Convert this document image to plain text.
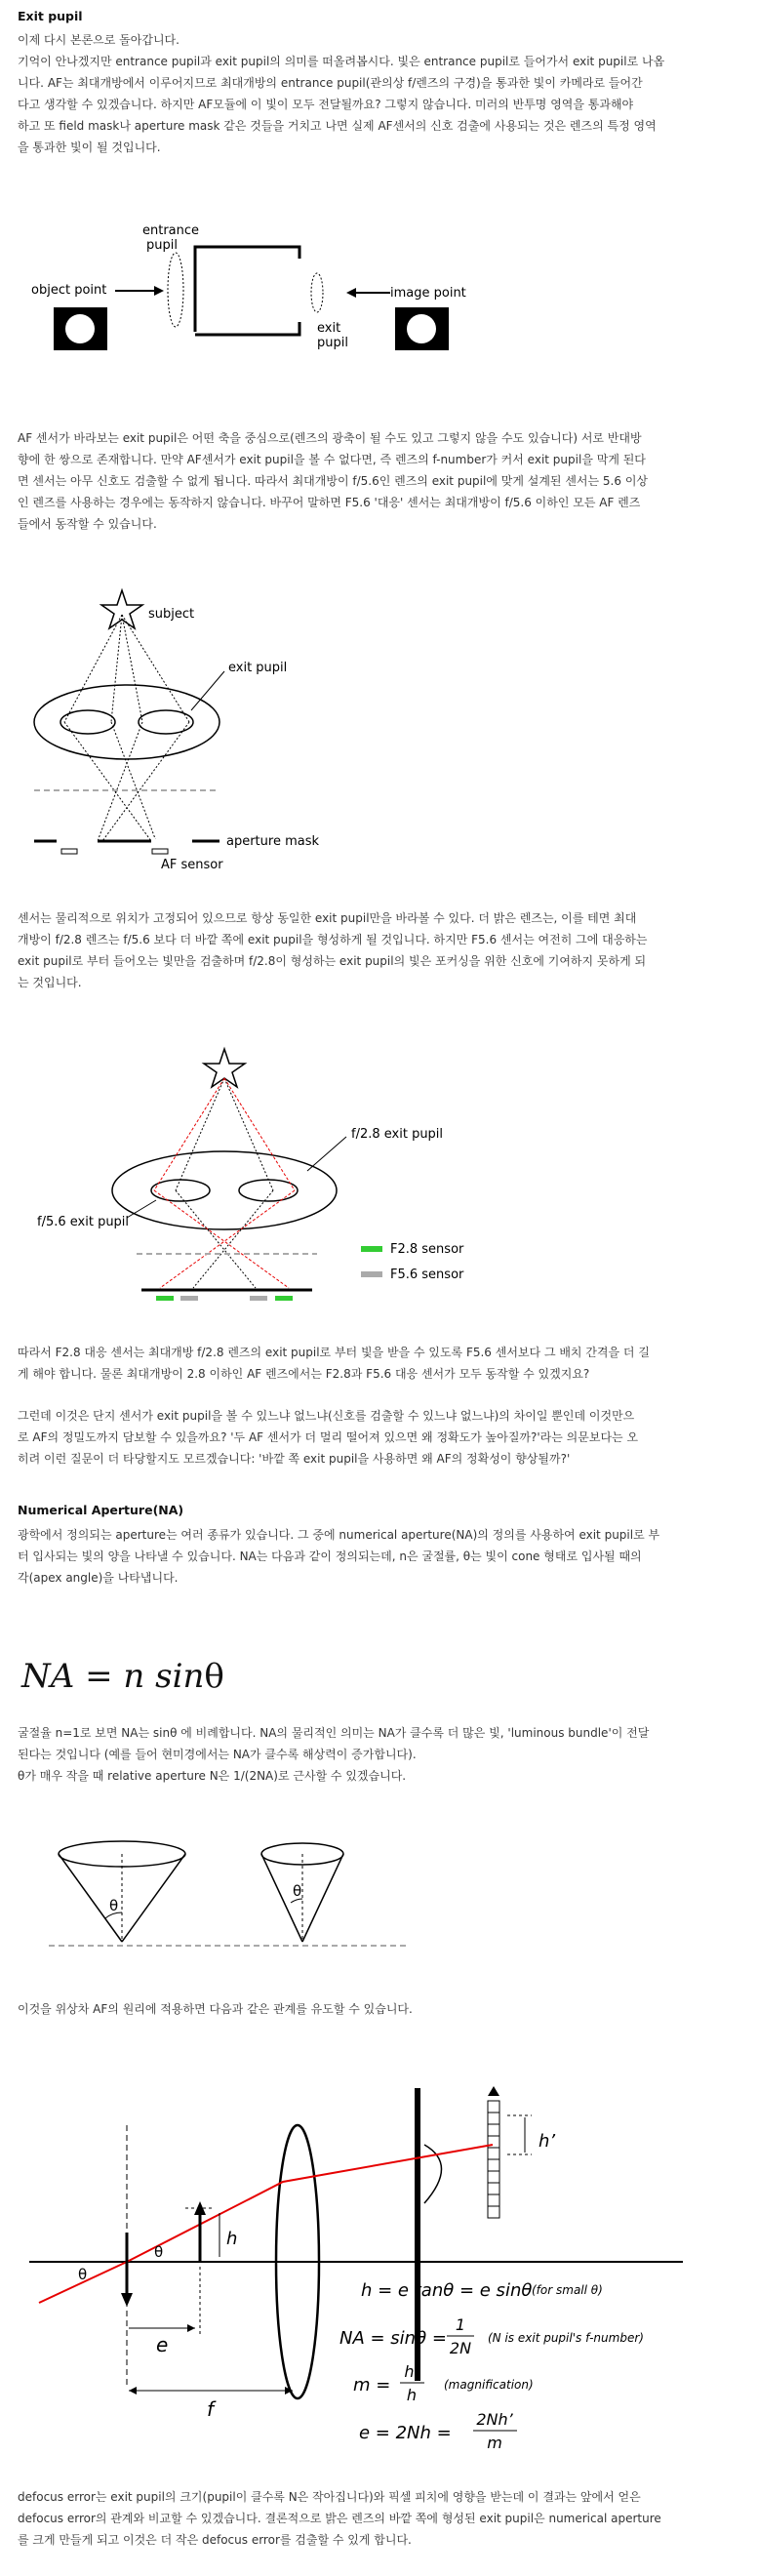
Exit pupil
이제 다시 본론으로 돌아갑니다.
기억이 안나겠지만 entrance pupil과 exit pupil의 의미를 떠올려봅시다. 빛은 entrance pupil로 들어가서 exit pupil로 나옵
니다. AF는 최대개방에서 이루어지므로 최대개방의 entrance pupil(관의상 f/렌즈의 구경)을 통과한 빛이 카메라로 들어간
다고 생각할 수 있겠습니다. 하지만 AF모듈에 이 빛이 모두 전달될까요? 그렇지 않습니다. 미러의 반투명 영역을 통과해야
하고 또 field mask나 aperture mask 같은 것들을 거치고 나면 실제 AF센서의 신호 검출에 사용되는 것은 렌즈의 특정 영역
을 통과한 빛이 될 것입니다.
object point
entrance
pupil
exit
pupil
image point
AF 센서가 바라보는 exit pupil은 어떤 축을 중심으로(렌즈의 광축이 될 수도 있고 그렇지 않을 수도 있습니다) 서로 반대방
향에 한 쌍으로 존재합니다. 만약 AF센서가 exit pupil을 볼 수 없다면, 즉 렌즈의 f-number가 커서 exit pupil을 막게 된다
면 센서는 아무 신호도 검출할 수 없게 됩니다. 따라서 최대개방이 f/5.6인 렌즈의 exit pupil에 맞게 설계된 센서는 5.6 이상
인 렌즈를 사용하는 경우에는 동작하지 않습니다. 바꾸어 말하면 F5.6 '대응' 센서는 최대개방이 f/5.6 이하인 모든 AF 렌즈
들에서 동작할 수 있습니다.
subject
exit pupil
aperture mask
AF sensor
센서는 물리적으로 위치가 고정되어 있으므로 항상 동일한 exit pupil만을 바라볼 수 있다. 더 밝은 렌즈는, 이를 테면 최대
개방이 f/2.8 렌즈는 f/5.6 보다 더 바깥 쪽에 exit pupil을 형성하게 될 것입니다. 하지만 F5.6 센서는 여전히 그에 대응하는
exit pupil로 부터 들어오는 빛만을 검출하며 f/2.8이 형성하는 exit pupil의 빛은 포커싱을 위한 신호에 기여하지 못하게 되
는 것입니다.
f/2.8 exit pupil
f/5.6 exit pupil
F2.8 sensor
F5.6 sensor
따라서 F2.8 대응 센서는 최대개방 f/2.8 렌즈의 exit pupil로 부터 빛을 받을 수 있도록 F5.6 센서보다 그 배치 간격을 더 길
게 해야 합니다. 물론 최대개방이 2.8 이하인 AF 렌즈에서는 F2.8과 F5.6 대응 센서가 모두 동작할 수 있겠지요?
그런데 이것은 단지 센서가 exit pupil을 볼 수 있느냐 없느냐(신호를 검출할 수 있느냐 없느냐)의 차이일 뿐인데 이것만으
로 AF의 정밀도까지 담보할 수 있을까요? '두 AF 센서가 더 멀리 떨어져 있으면 왜 정확도가 높아질까?'라는 의문보다는 오
히려 이런 질문이 더 타당할지도 모르겠습니다: '바깥 쪽 exit pupil을 사용하면 왜 AF의 정확성이 향상될까?'
Numerical Aperture(NA)
광학에서 정의되는 aperture는 여러 종류가 있습니다. 그 중에 numerical aperture(NA)의 정의를 사용하여 exit pupil로 부
터 입사되는 빛의 양을 나타낼 수 있습니다. NA는 다음과 같이 정의되는데, n은 굴절률, θ는 빛이 cone 형태로 입사될 때의
각(apex angle)을 나타냅니다.
NA = n sinθ
굴절율 n=1로 보면 NA는 sinθ 에 비례합니다. NA의 물리적인 의미는 NA가 클수록 더 많은 빛, 'luminous bundle'이 전달
된다는 것입니다 (예를 들어 현미경에서는 NA가 클수록 해상력이 증가합니다).
θ가 매우 작을 때 relative aperture N은 1/(2NA)로 근사할 수 있겠습니다.
θ
θ
이것을 위상차 AF의 원리에 적용하면 다음과 같은 관계를 유도할 수 있습니다.
h’
h
θ
θ
e
f
h = e tanθ = e sinθ (for small θ)
NA = sinθ =
1
2N
(N is exit pupil's f-number)
m =
h’
h
(magnification)
e = 2Nh =
2Nh’
m
defocus error는 exit pupil의 크기(pupil이 클수록 N은 작아집니다)와 픽셀 피치에 영향을 받는데 이 결과는 앞에서 얻은
defocus error의 관계와 비교할 수 있겠습니다. 결론적으로 밝은 렌즈의 바깥 쪽에 형성된 exit pupil은 numerical aperture
를 크게 만들게 되고 이것은 더 작은 defocus error를 검출할 수 있게 합니다.
